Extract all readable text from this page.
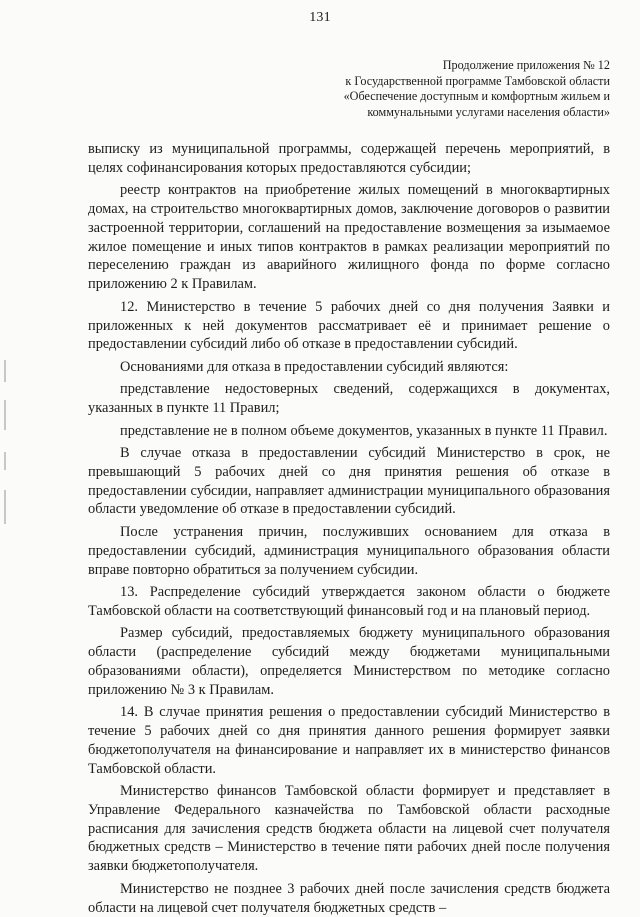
131
Продолжение приложения № 12
к Государственной программе Тамбовской области
«Обеспечение доступным и комфортным жильем и
коммунальными услугами населения области»

выписку из муниципальной программы, содержащей перечень мероприятий, в целях софинансирования которых предоставляются субсидии;

реестр контрактов на приобретение жилых помещений в многоквартирных домах, на строительство многоквартирных домов, заключение договоров о развитии застроенной территории, соглашений на предоставление возмещения за изымаемое жилое помещение и иных типов контрактов в рамках реализации мероприятий по переселению граждан из аварийного жилищного фонда по форме согласно приложению 2 к Правилам.

12. Министерство в течение 5 рабочих дней со дня получения Заявки и приложенных к ней документов рассматривает её и принимает решение о предоставлении субсидий либо об отказе в предоставлении субсидий.

Основаниями для отказа в предоставлении субсидий являются:

представление недостоверных сведений, содержащихся в документах, указанных в пункте 11 Правил;

представление не в полном объеме документов, указанных в пункте 11 Правил.

В случае отказа в предоставлении субсидий Министерство в срок, не превышающий 5 рабочих дней со дня принятия решения об отказе в предоставлении субсидии, направляет администрации муниципального образования области уведомление об отказе в предоставлении субсидий.

После устранения причин, послуживших основанием для отказа в предоставлении субсидий, администрация муниципального образования области вправе повторно обратиться за получением субсидии.

13. Распределение субсидий утверждается законом области о бюджете Тамбовской области на соответствующий финансовый год и на плановый период.

Размер субсидий, предоставляемых бюджету муниципального образования области (распределение субсидий между бюджетами муниципальными образованиями области), определяется Министерством по методике согласно приложению № 3 к Правилам.

14. В случае принятия решения о предоставлении субсидий Министерство в течение 5 рабочих дней со дня принятия данного решения формирует заявки бюджетополучателя на финансирование и направляет их в министерство финансов Тамбовской области.

Министерство финансов Тамбовской области формирует и представляет в Управление Федерального казначейства по Тамбовской области расходные расписания для зачисления средств бюджета области на лицевой счет получателя бюджетных средств – Министерство в течение пяти рабочих дней после получения заявки бюджетополучателя.

Министерство не позднее 3 рабочих дней после зачисления средств бюджета области на лицевой счет получателя бюджетных средств –
